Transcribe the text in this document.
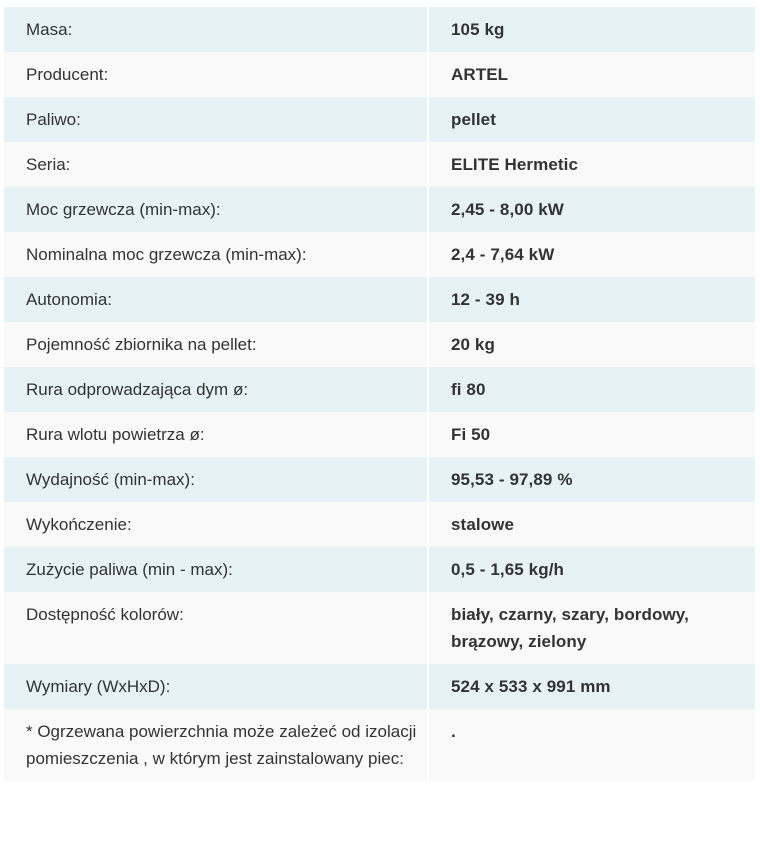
Masa:	105 kg
Producent:	ARTEL
Paliwo:	pellet
Seria:	ELITE Hermetic
Moc grzewcza (min-max):	2,45 - 8,00 kW
Nominalna moc grzewcza (min-max):	2,4 - 7,64 kW
Autonomia:	12 - 39 h
Pojemność zbiornika na pellet:	20 kg
Rura odprowadzająca dym ø:	fi 80
Rura wlotu powietrza ø:	Fi 50
Wydajność (min-max):	95,53 - 97,89 %
Wykończenie:	stalowe
Zużycie paliwa (min - max):	0,5 - 1,65 kg/h
Dostępność kolorów:	biały, czarny, szary, bordowy, brązowy, zielony
Wymiary (WxHxD):	524 x 533 x 991 mm
* Ogrzewana powierzchnia może zależeć od izolacji pomieszczenia , w którym jest zainstalowany piec:	.
